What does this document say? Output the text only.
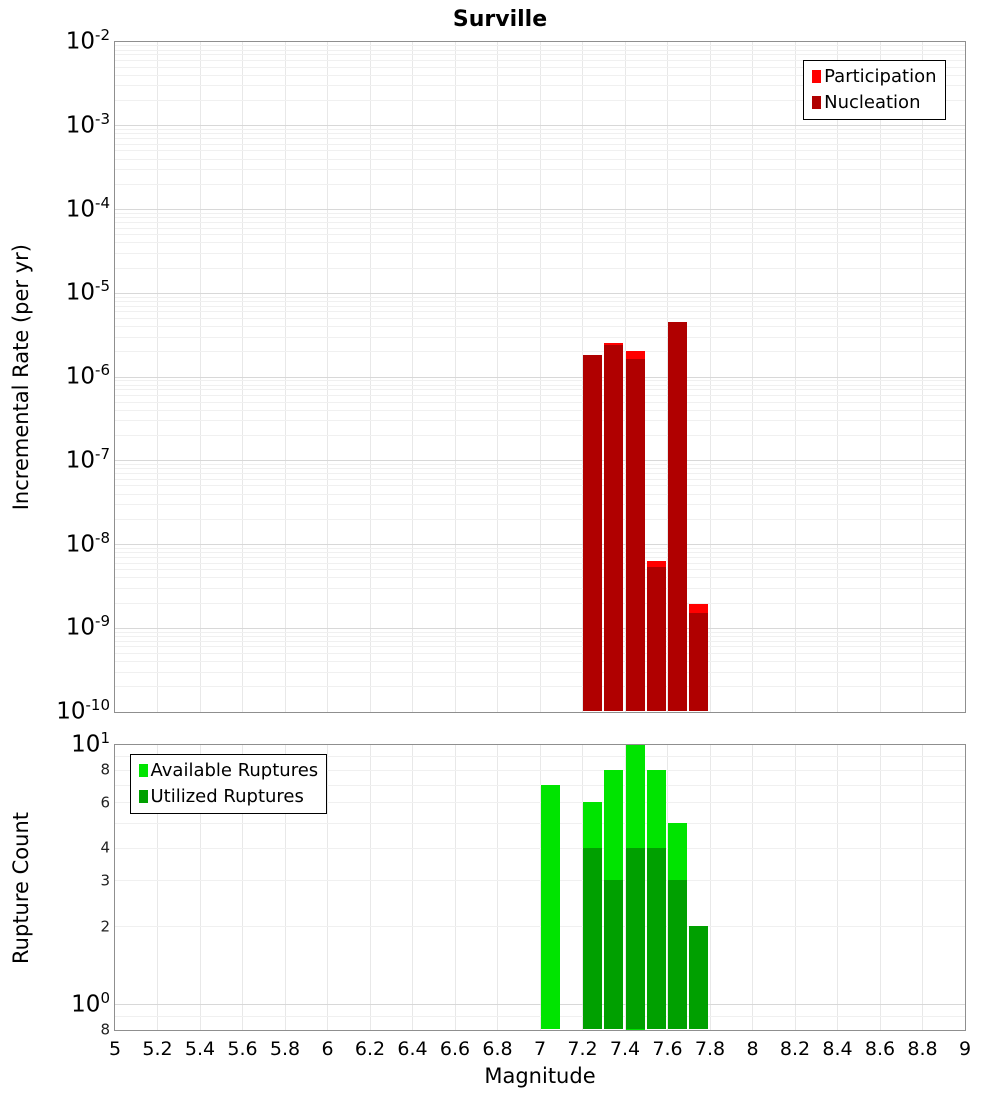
Surville
Incremental Rate (per yr)
Rupture Count
$10^{-2}$
$10^{-3}$
$10^{-4}$
$10^{-5}$
$10^{-6}$
$10^{-7}$
$10^{-8}$
$10^{-9}$
$10^{-10}$
$10^1$
8
6
4
3
2
$10^0$
8
Participation
Nucleation
Available Ruptures
Utilized Ruptures
5 5.2 5.4 5.6 5.8 6 6.2 6.4 6.6 6.8 7 7.2 7.4 7.6 7.8 8 8.2 8.4 8.6 8.8 9
Magnitude
